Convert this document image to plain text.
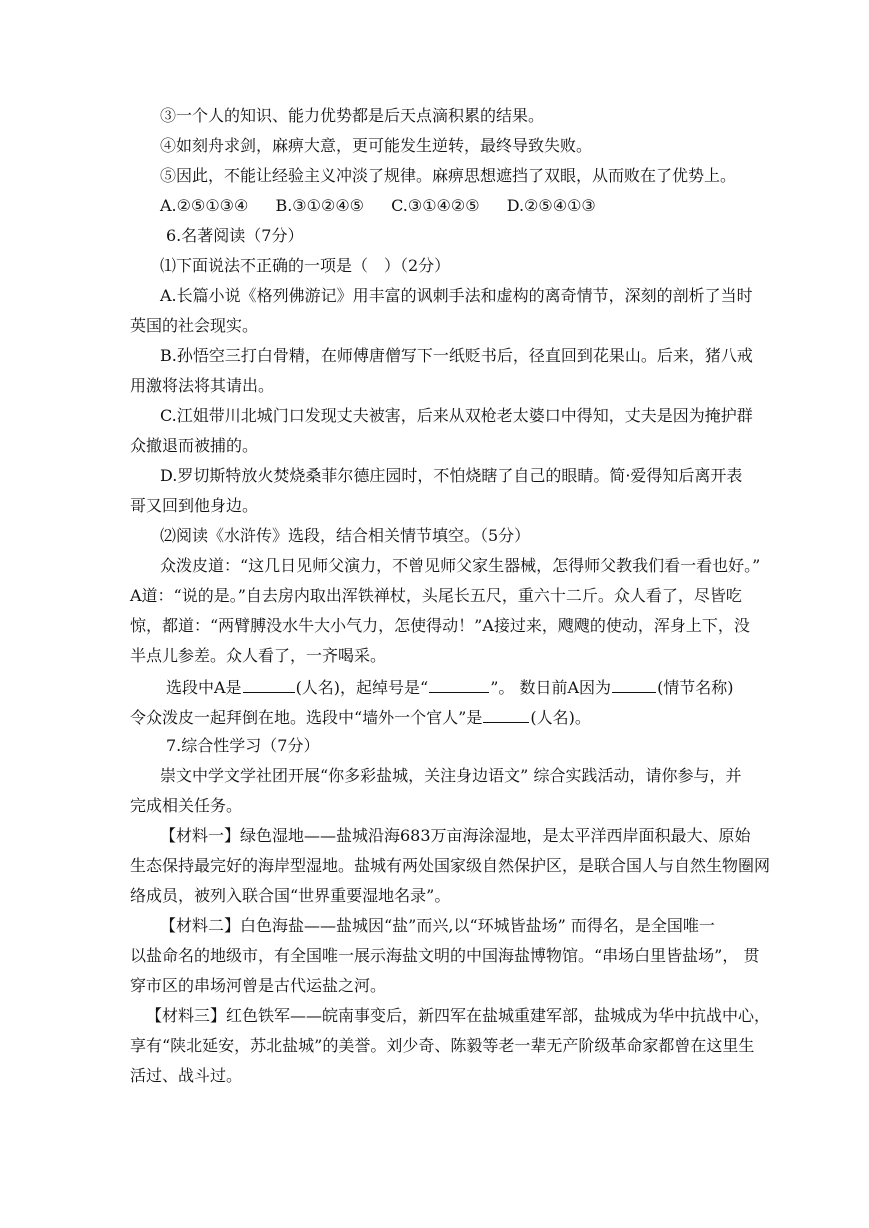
③一个人的知识、能力优势都是后天点滴积累的结果。
④如刻舟求剑，麻痹大意，更可能发生逆转，最终导致失败。
⑤因此，不能让经验主义冲淡了规律。麻痹思想遮挡了双眼，从而败在了优势上。
A.②⑤①③④ B.③①②④⑤ C.③①④②⑤ D.②⑤④①③
6.名著阅读（7分）
⑴下面说法不正确的一项是（　）（2分）
A.长篇小说《格列佛游记》用丰富的讽刺手法和虚构的离奇情节，深刻的剖析了当时
英国的社会现实。
B.孙悟空三打白骨精，在师傅唐僧写下一纸贬书后，径直回到花果山。后来，猪八戒
用激将法将其请出。
C.江姐带川北城门口发现丈夫被害，后来从双枪老太婆口中得知，丈夫是因为掩护群
众撤退而被捕的。
D.罗切斯特放火焚烧桑菲尔德庄园时，不怕烧瞎了自己的眼睛。简·爱得知后离开表
哥又回到他身边。
⑵阅读《水浒传》选段，结合相关情节填空。（5分）
众泼皮道：“这几日见师父演力，不曾见师父家生器械，怎得师父教我们看一看也好。”
A道：“说的是。”自去房内取出浑铁禅杖，头尾长五尺，重六十二斤。众人看了，尽皆吃
惊，都道：“两臂膊没水牛大小气力，怎使得动！”A接过来，飕飕的使动，浑身上下，没
半点儿参差。众人看了，一齐喝采。
选段中A是	(人名)，起绰号是“	”。 数日前A因为	(情节名称)
令众泼皮一起拜倒在地。选段中“墙外一个官人”是	(人名)。
7.综合性学习（7分）
崇文中学文学社团开展“你多彩盐城，关注身边语文” 综合实践活动，请你参与，并
完成相关任务。
【材料一】绿色湿地——盐城沿海683万亩海涂湿地，是太平洋西岸面积最大、原始
生态保持最完好的海岸型湿地。盐城有两处国家级自然保护区，是联合国人与自然生物圈网
络成员，被列入联合国“世界重要湿地名录”。
【材料二】白色海盐——盐城因“盐”而兴,以“环城皆盐场” 而得名，是全国唯一
以盐命名的地级市，有全国唯一展示海盐文明的中国海盐博物馆。“串场白里皆盐场”， 贯
穿市区的串场河曾是古代运盐之河。
【材料三】红色铁军——皖南事变后，新四军在盐城重建军部，盐城成为华中抗战中心，
享有“陕北延安，苏北盐城”的美誉。刘少奇、陈毅等老一辈无产阶级革命家都曾在这里生
活过、战斗过。
